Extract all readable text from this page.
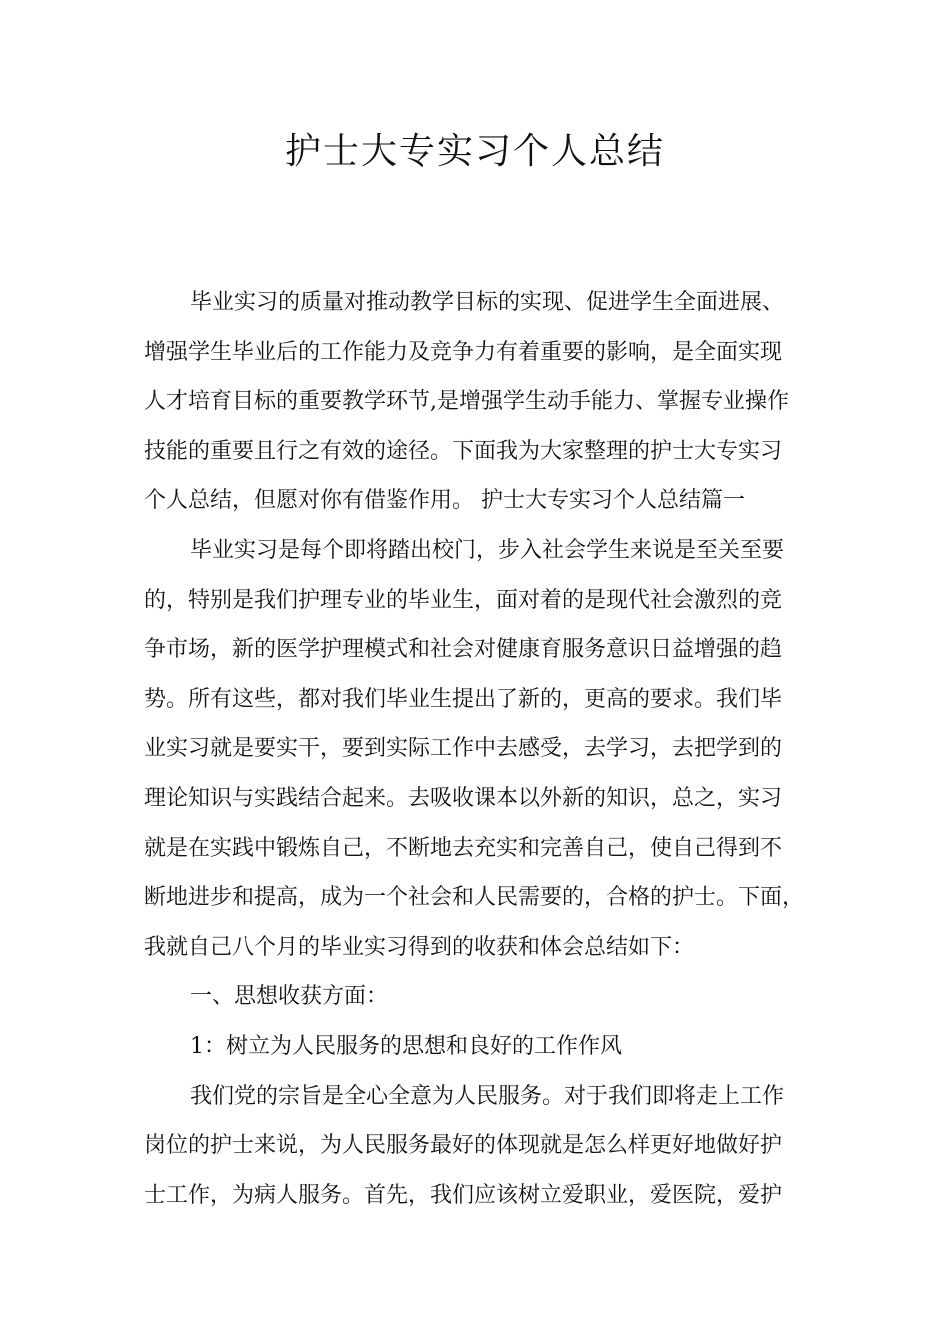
护士大专实习个人总结
毕业实习的质量对推动教学目标的实现、促进学生全面进展、
增强学生毕业后的工作能力及竞争力有着重要的影响，是全面实现
人才培育目标的重要教学环节,是增强学生动手能力、掌握专业操作
技能的重要且行之有效的途径。下面我为大家整理的护士大专实习
个人总结，但愿对你有借鉴作用。 护士大专实习个人总结篇一
毕业实习是每个即将踏出校门，步入社会学生来说是至关至要
的，特别是我们护理专业的毕业生，面对着的是现代社会激烈的竞
争市场，新的医学护理模式和社会对健康育服务意识日益增强的趋
势。所有这些，都对我们毕业生提出了新的，更高的要求。我们毕
业实习就是要实干，要到实际工作中去感受，去学习，去把学到的
理论知识与实践结合起来。去吸收课本以外新的知识，总之，实习
就是在实践中锻炼自己，不断地去充实和完善自己，使自己得到不
断地进步和提高，成为一个社会和人民需要的，合格的护士。下面，
我就自己八个月的毕业实习得到的收获和体会总结如下：
一、思想收获方面：
1：树立为人民服务的思想和良好的工作作风
我们党的宗旨是全心全意为人民服务。对于我们即将走上工作
岗位的护士来说，为人民服务最好的体现就是怎么样更好地做好护
士工作，为病人服务。首先，我们应该树立爱职业，爱医院，爱护
